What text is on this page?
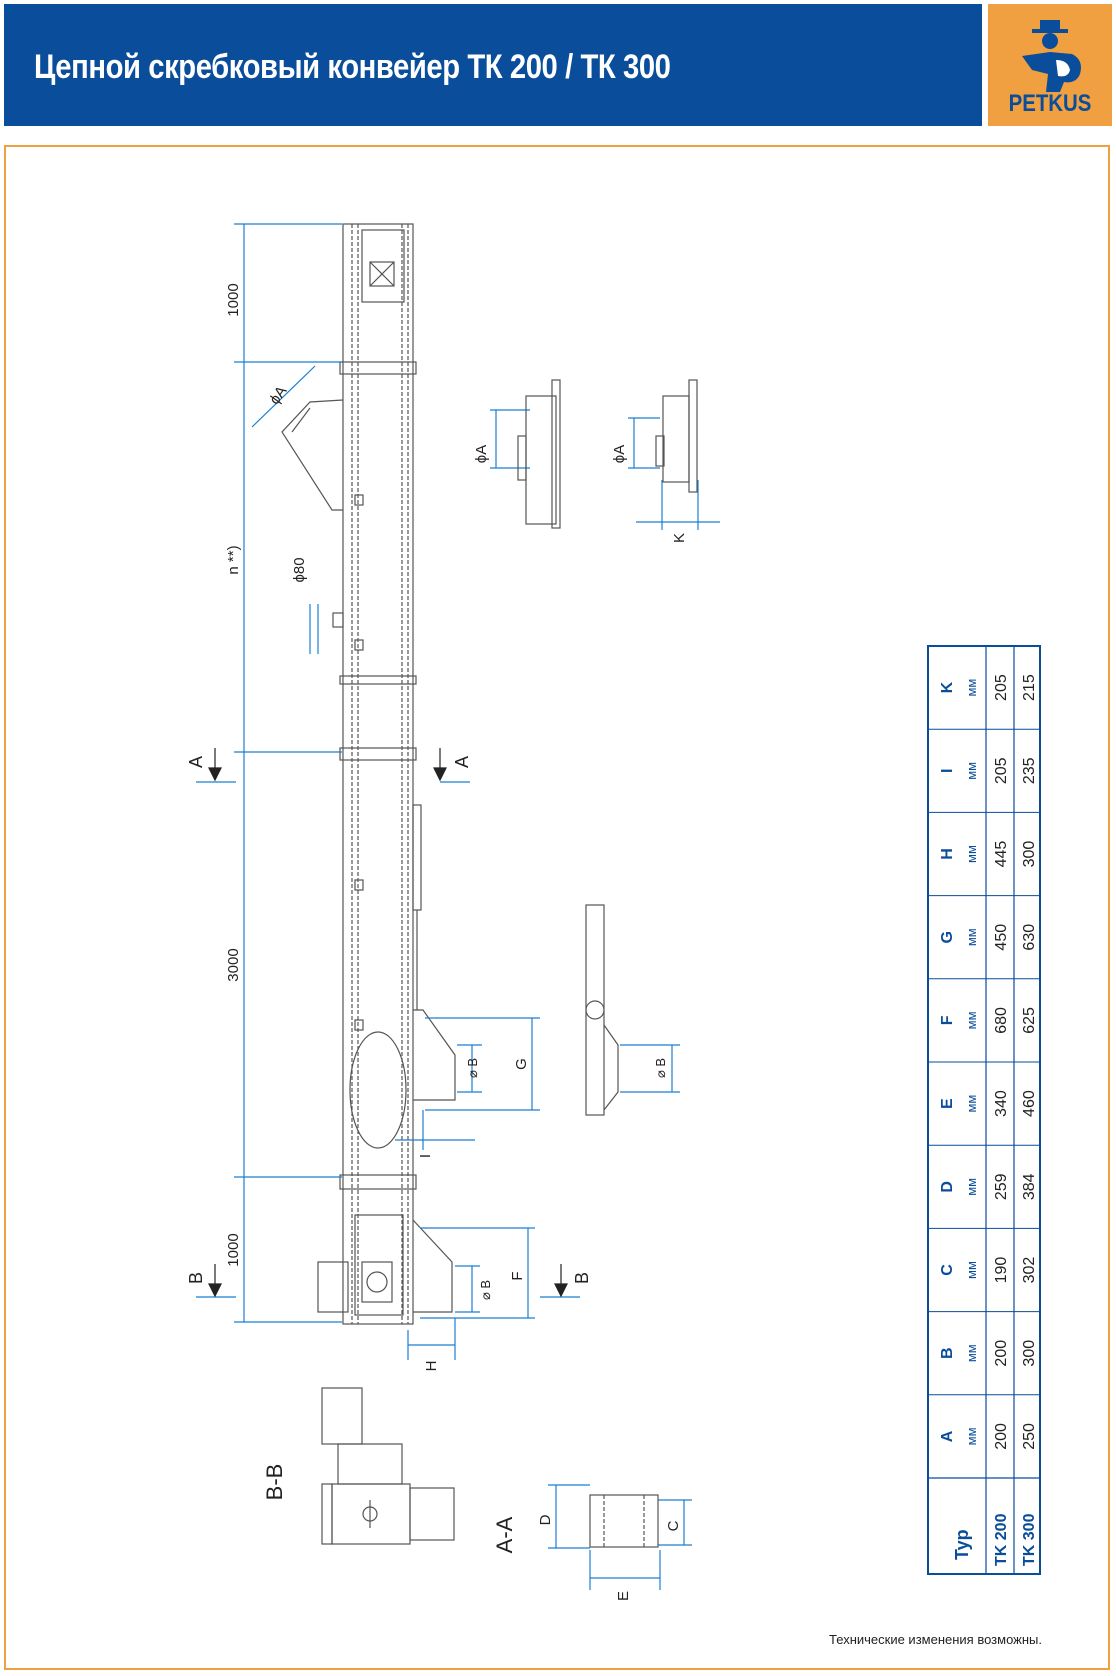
Цепной скребковый конвейер ТК 200 / ТК 300
PETKUS
1000
n **)
3000
1000
ϕA
ϕ80
A	A
⌀ B G
I
B	B
⌀ B
F
H
ϕA	ϕA
K
⌀ B
B-B
A-A D
C
E
Typ TK 200 TK 300
A мм 200 250
B мм 200 300
C мм 190 302
D мм 259 384
E мм 340 460
F мм 680 625
G мм 450 630
H мм 445 300
I мм 205 235
K мм 205 215
Технические изменения возможны.
